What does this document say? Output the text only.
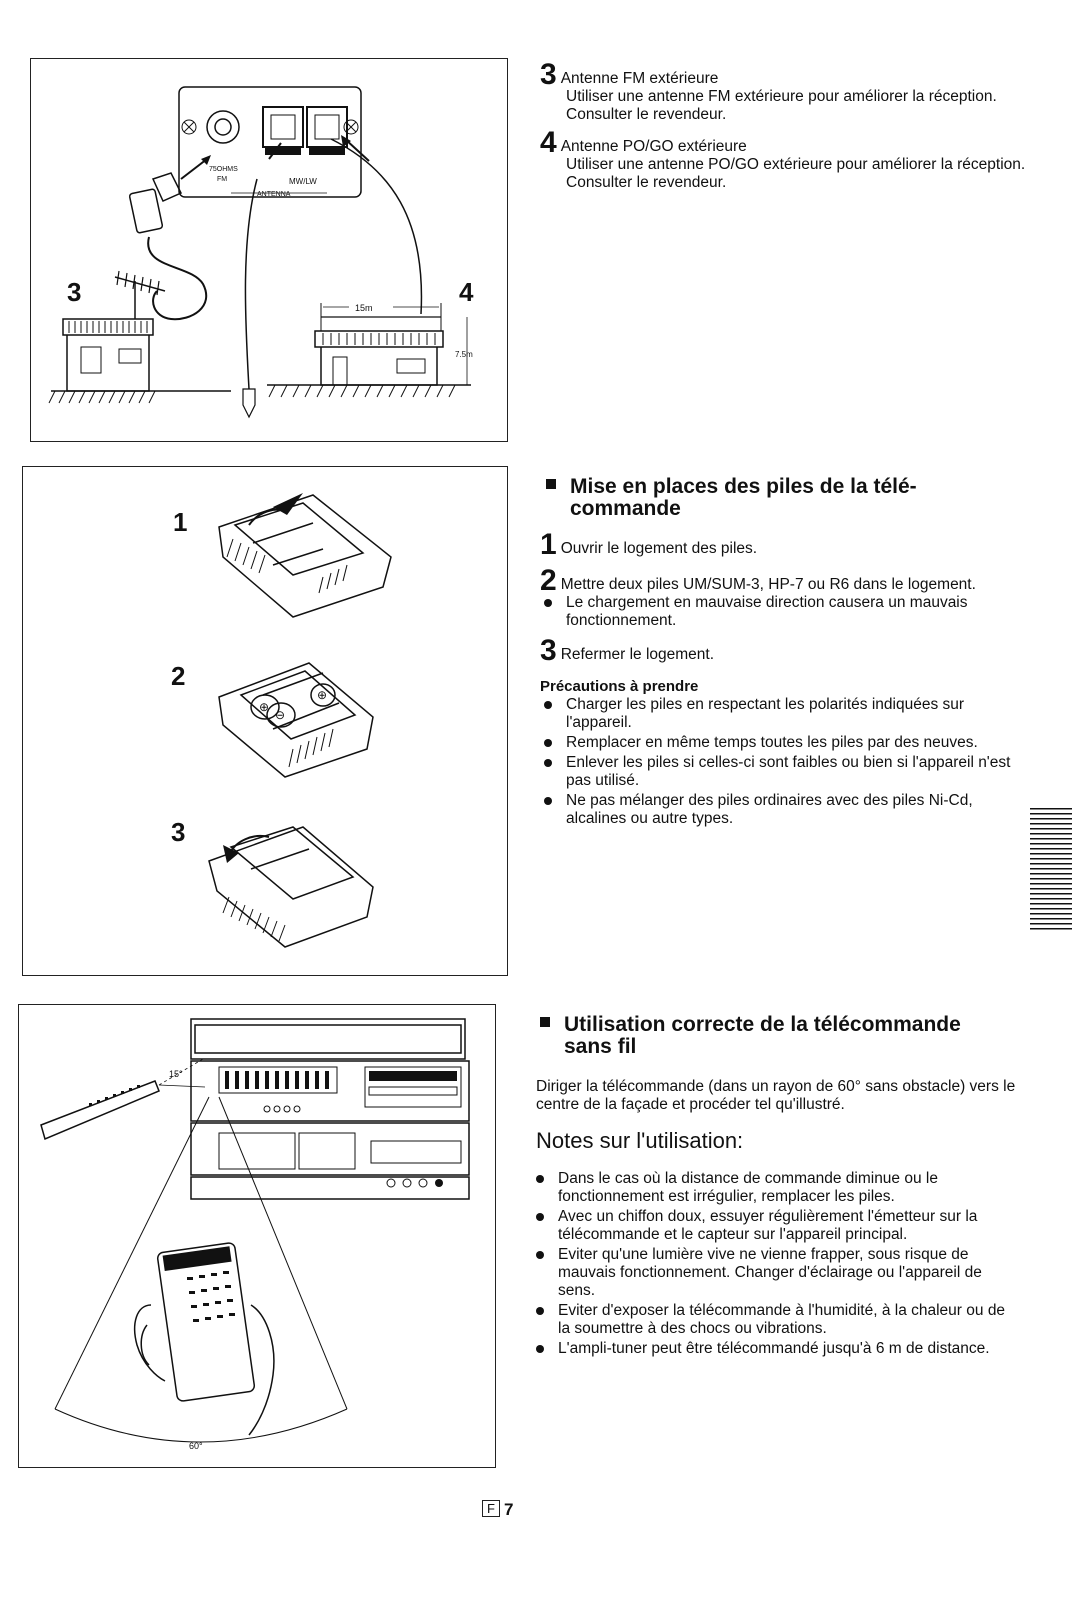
75OHMS
FM	MW/LW
ANTENNA
15m
7.5m
3	4
3 Antenne FM extérieure
Utiliser une antenne FM extérieure pour améliorer la réception. Consulter le revendeur.
4 Antenne PO/GO extérieure
Utiliser une antenne PO/GO extérieure pour améliorer la réception. Consulter le revendeur.
⊕
⊖
⊕
1
2
3
Mise en places des piles de la télé-
commande
1 Ouvrir le logement des piles.
2 Mettre deux piles UM/SUM-3, HP-7 ou R6 dans le logement.
Le chargement en mauvaise direction causera un mauvais fonctionnement.
3 Refermer le logement.
Précautions à prendre
Charger les piles en respectant les polarités indiquées sur l'appareil.
Remplacer en même temps toutes les piles par des neuves.
Enlever les piles si celles-ci sont faibles ou bien si l'appareil n'est pas utilisé.
Ne pas mélanger des piles ordinaires avec des piles Ni-Cd, alcalines ou autre types.
15°
60°
Utilisation correcte de la télécommande
sans fil
Diriger la télécommande (dans un rayon de 60° sans obstacle) vers le centre de la façade et procéder tel qu'illustré.
Notes sur l'utilisation:
Dans le cas où la distance de commande diminue ou le fonctionnement est irrégulier, remplacer les piles.
Avec un chiffon doux, essuyer régulièrement l'émetteur sur la télécommande et le capteur sur l'appareil principal.
Eviter qu'une lumière vive ne vienne frapper, sous risque de mauvais fonctionnement. Changer d'éclairage ou l'appareil de sens.
Eviter d'exposer la télécommande à l'humidité, à la chaleur ou de la soumettre à des chocs ou vibrations.
L'ampli-tuner peut être télécommandé jusqu'à 6 m de distance.
F 7
